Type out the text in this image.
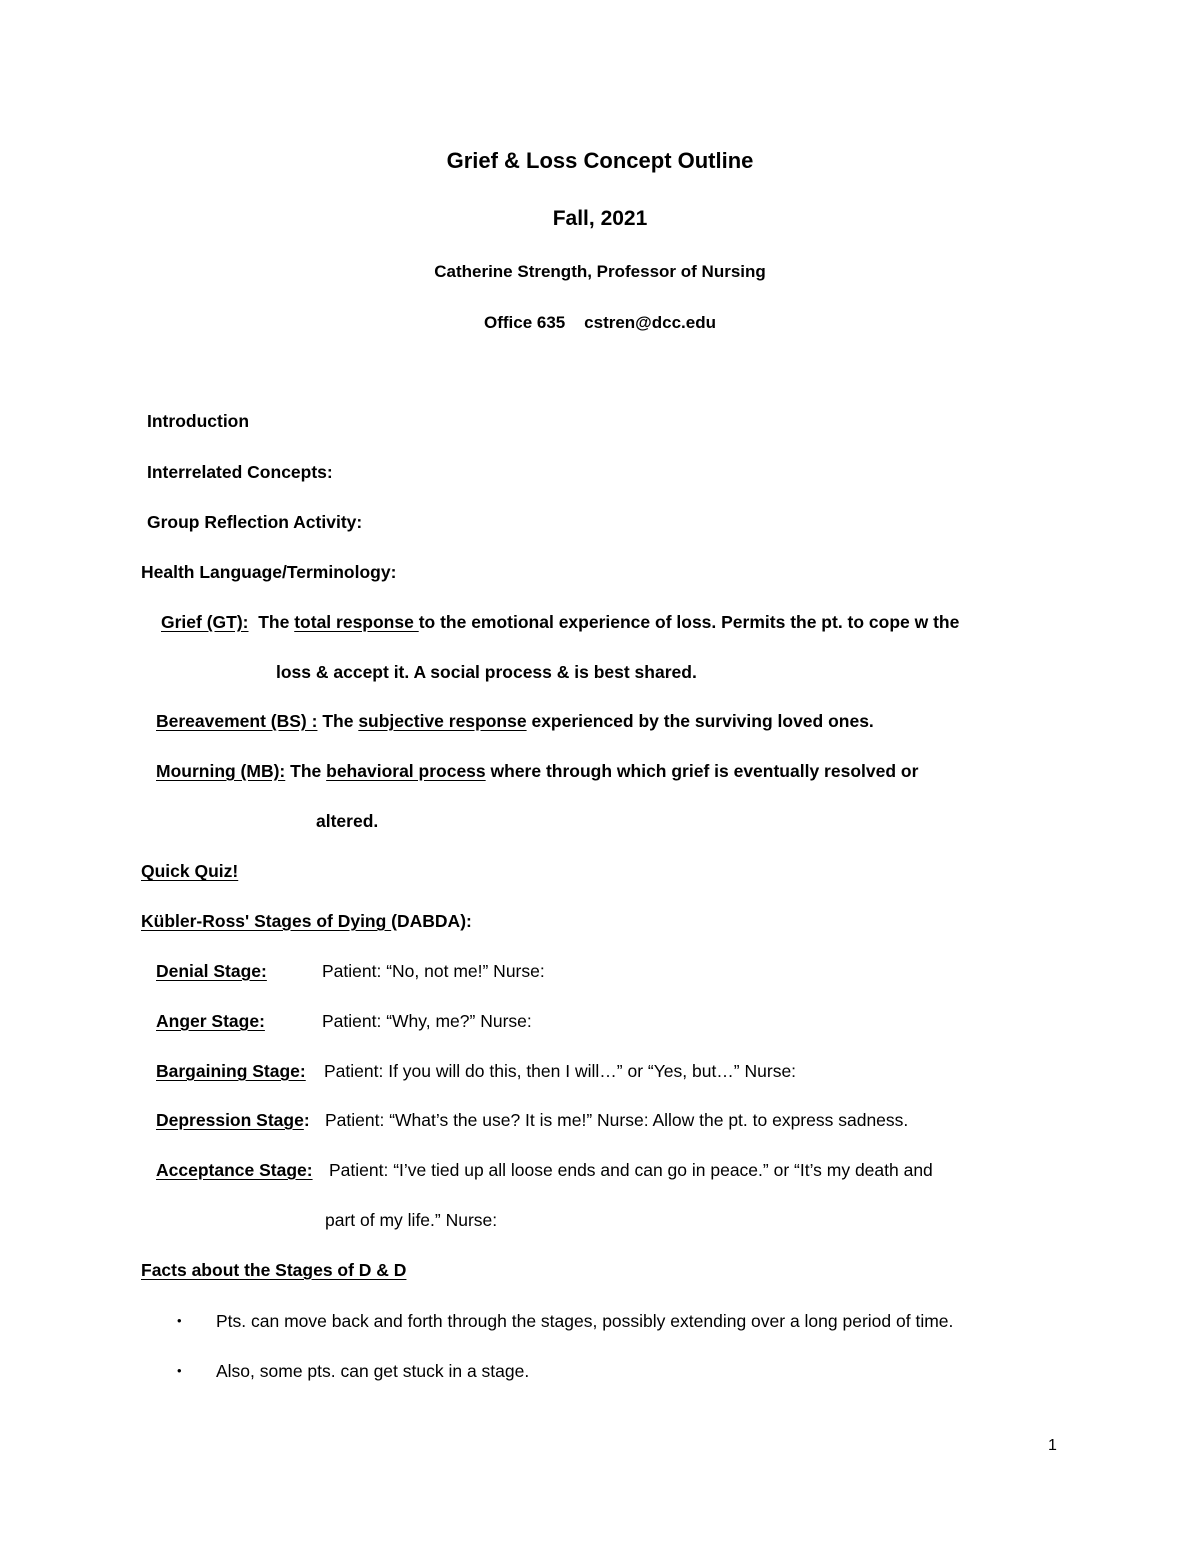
Grief & Loss Concept Outline
Fall, 2021
Catherine Strength, Professor of Nursing
Office 635 cstren@dcc.edu
Introduction
Interrelated Concepts:
Group Reflection Activity:
Health Language/Terminology:
Grief (GT): The total response to the emotional experience of loss. Permits the pt. to cope w the
loss & accept it. A social process & is best shared.
Bereavement (BS) : The subjective response experienced by the surviving loved ones.
Mourning (MB): The behavioral process where through which grief is eventually resolved or
altered.
Quick Quiz!
Kübler-Ross' Stages of Dying (DABDA):
Denial Stage:	Patient: “No, not me!” Nurse:
Anger Stage:	Patient: “Why, me?” Nurse:
Bargaining Stage: Patient: If you will do this, then I will…” or “Yes, but…” Nurse:
Depression Stage: Patient: “What’s the use? It is me!” Nurse: Allow the pt. to express sadness.
Acceptance Stage: Patient: “I’ve tied up all loose ends and can go in peace.” or “It’s my death and
part of my life.” Nurse:
Facts about the Stages of D & D
• Pts. can move back and forth through the stages, possibly extending over a long period of time.
• Also, some pts. can get stuck in a stage.
1
